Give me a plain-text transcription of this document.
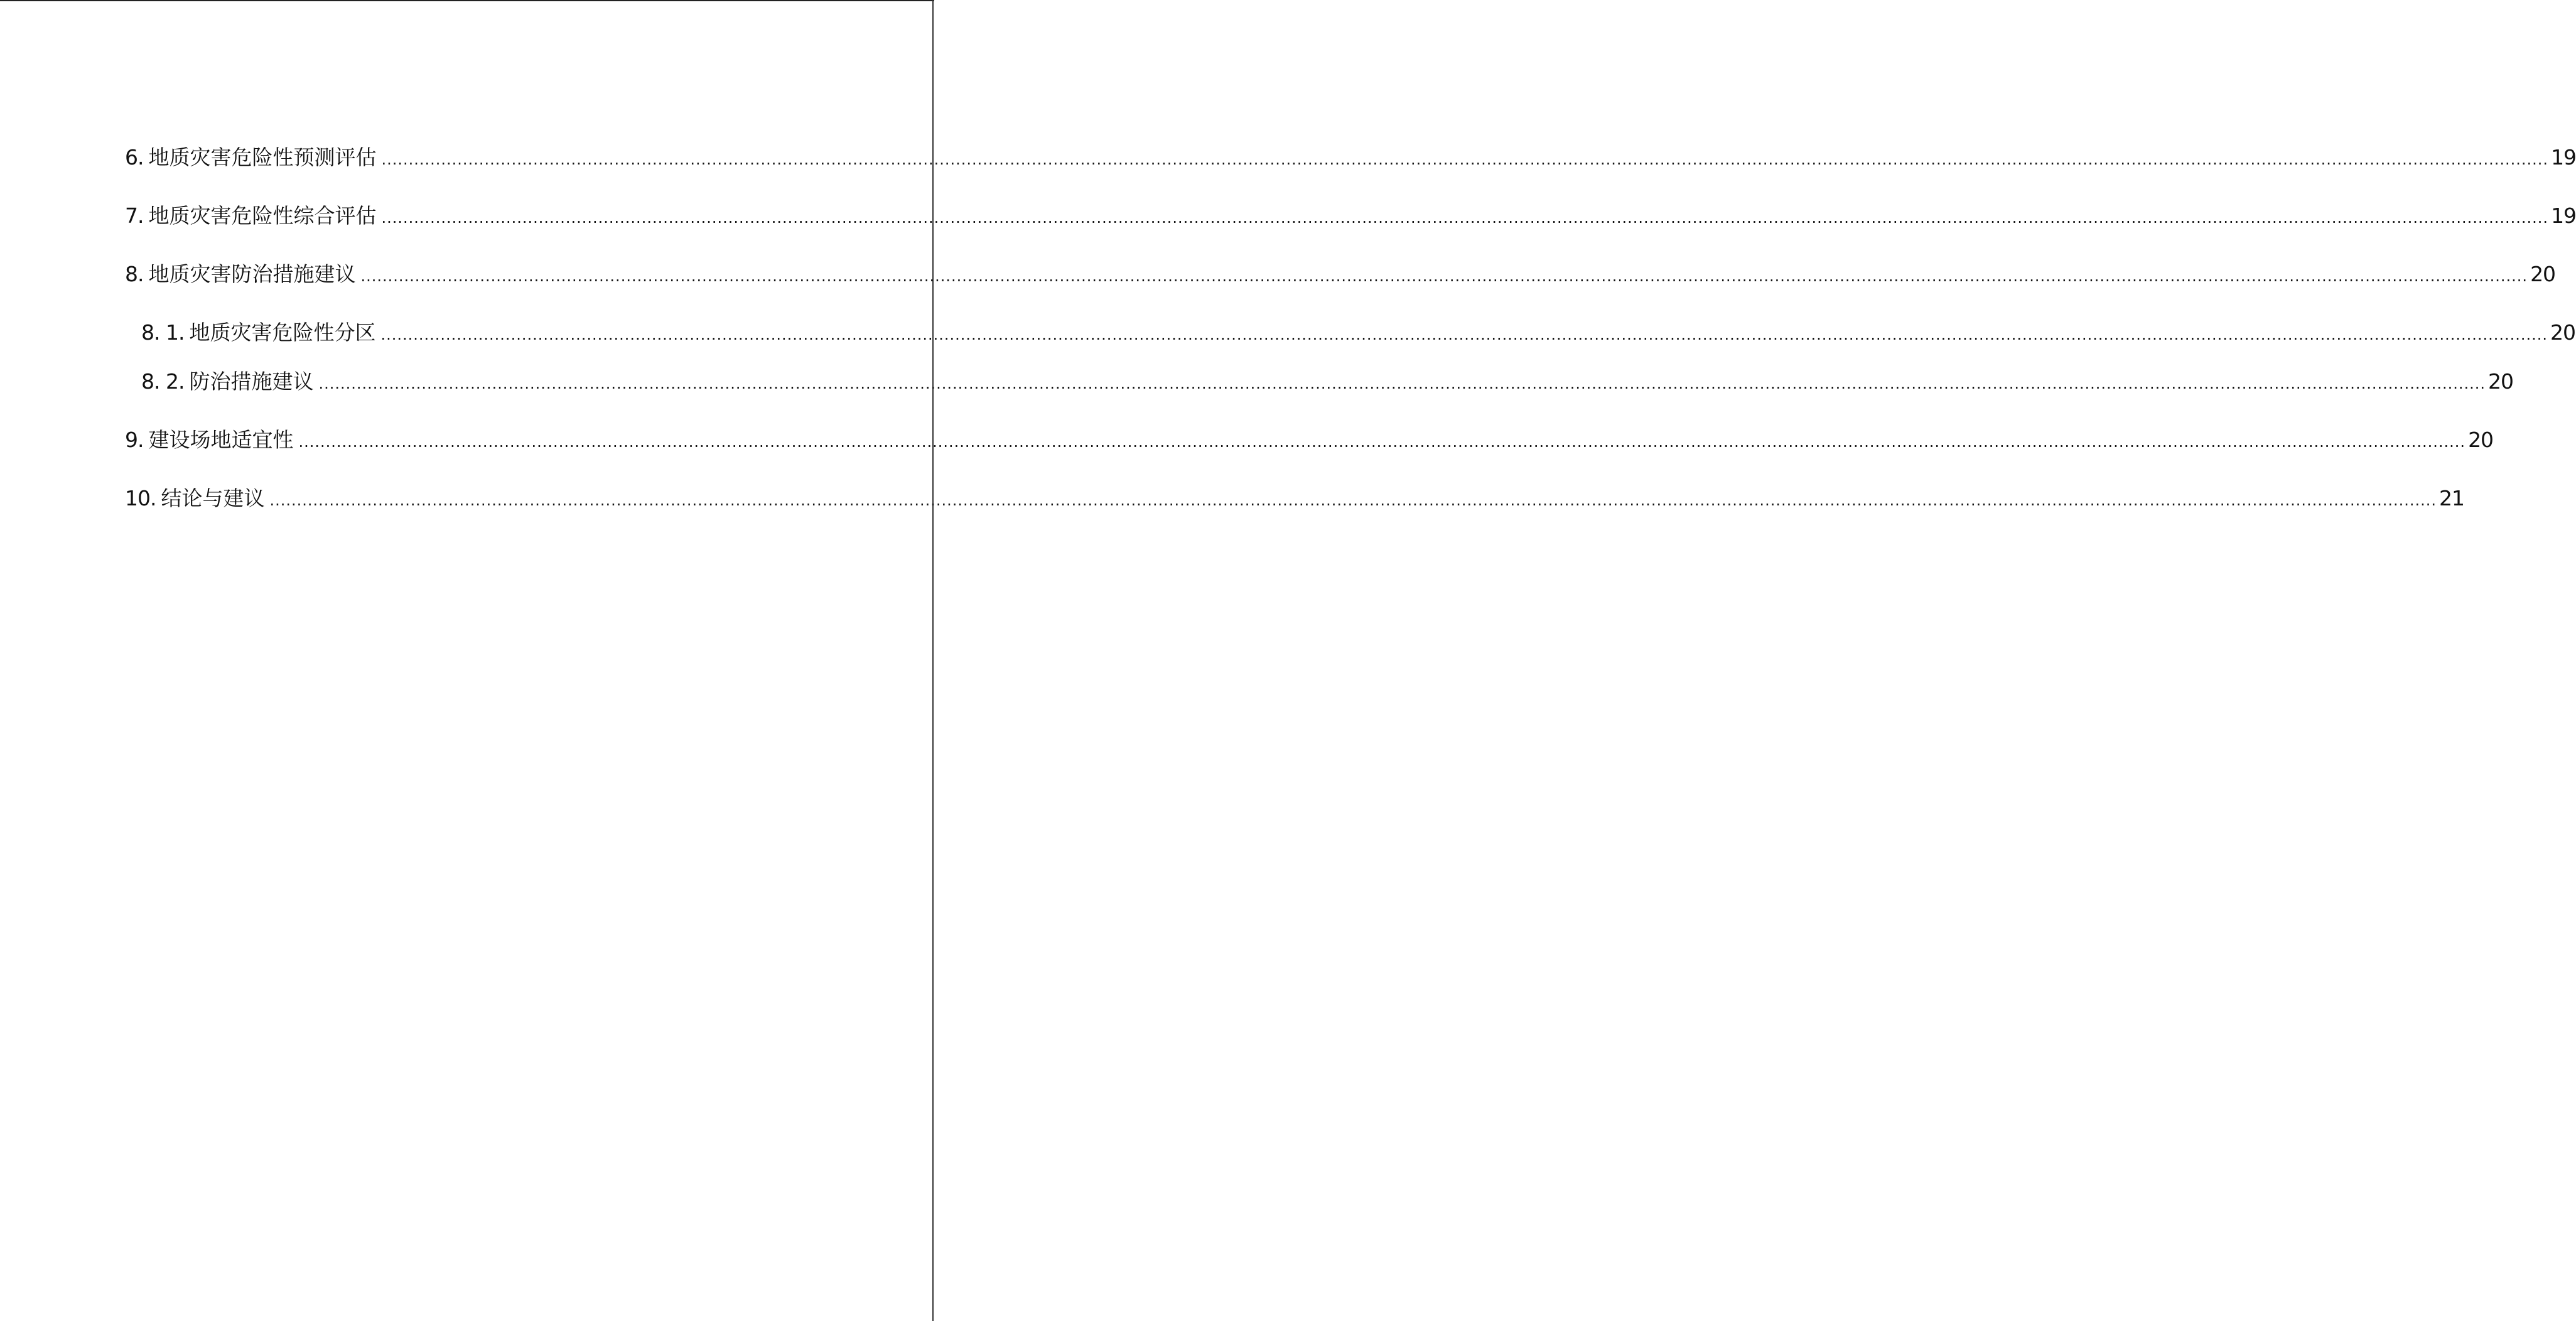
6. 地质灾害危险性预测评估 ................................................................................................................................................................................................................................................................................................................................................................................................................ 19
7. 地质灾害危险性综合评估 ................................................................................................................................................................................................................................................................................................................................................................................................................ 19
8. 地质灾害防治措施建议 ................................................................................................................................................................................................................................................................................................................................................................................................................ 20
8. 1. 地质灾害危险性分区 ................................................................................................................................................................................................................................................................................................................................................................................................................ 20
8. 2. 防治措施建议 ................................................................................................................................................................................................................................................................................................................................................................................................................ 20
9. 建设场地适宜性 ................................................................................................................................................................................................................................................................................................................................................................................................................ 20
10. 结论与建议 ................................................................................................................................................................................................................................................................................................................................................................................................................ 21
